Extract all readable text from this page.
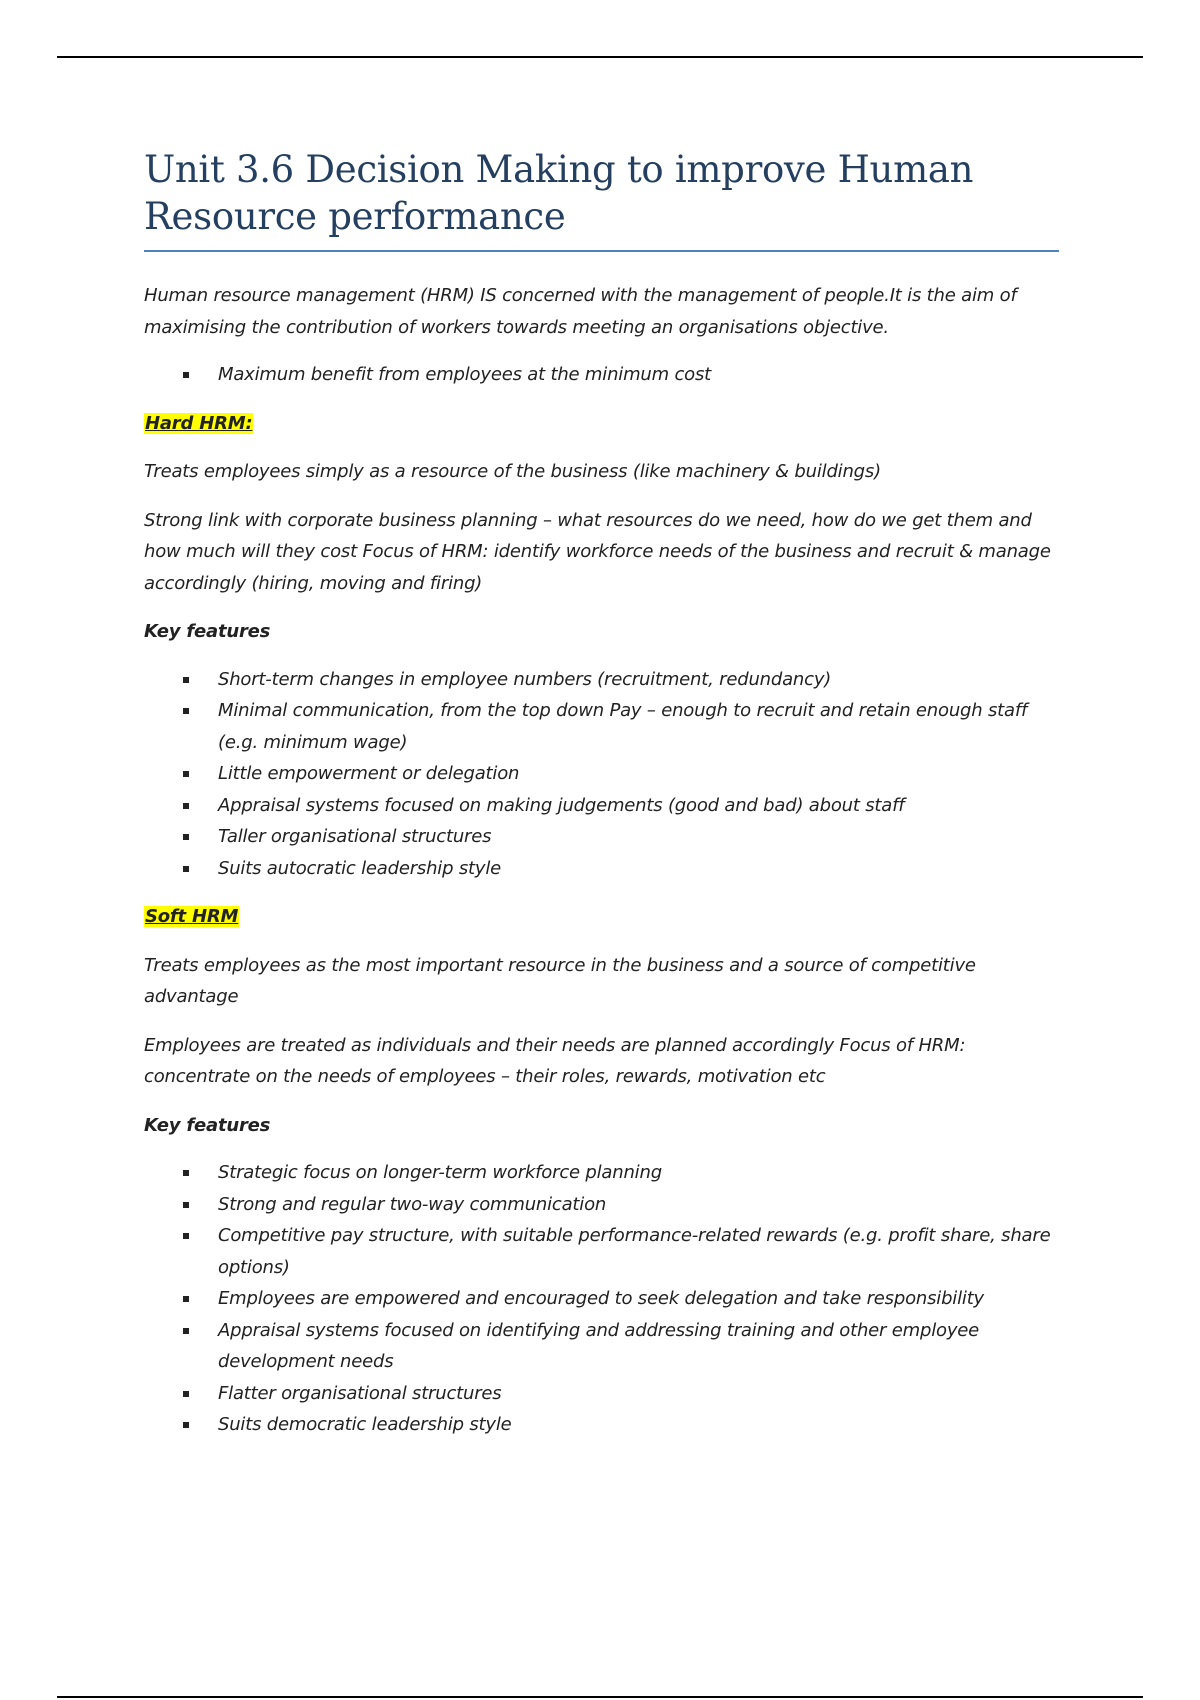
Unit 3.6 Decision Making to improve Human Resource performance

Human resource management (HRM) IS concerned with the management of people.It is the aim of maximising the contribution of workers towards meeting an organisations objective.

Maximum benefit from employees at the minimum cost

Hard HRM:

Treats employees simply as a resource of the business (like machinery & buildings)

Strong link with corporate business planning – what resources do we need, how do we get them and how much will they cost Focus of HRM: identify workforce needs of the business and recruit & manage accordingly (hiring, moving and firing)

Key features

Short-term changes in employee numbers (recruitment, redundancy)
Minimal communication, from the top down Pay – enough to recruit and retain enough staff (e.g. minimum wage)
Little empowerment or delegation
Appraisal systems focused on making judgements (good and bad) about staff
Taller organisational structures
Suits autocratic leadership style

Soft HRM

Treats employees as the most important resource in the business and a source of competitive advantage

Employees are treated as individuals and their needs are planned accordingly Focus of HRM: concentrate on the needs of employees – their roles, rewards, motivation etc

Key features

Strategic focus on longer-term workforce planning
Strong and regular two-way communication
Competitive pay structure, with suitable performance-related rewards (e.g. profit share, share options)
Employees are empowered and encouraged to seek delegation and take responsibility
Appraisal systems focused on identifying and addressing training and other employee development needs
Flatter organisational structures
Suits democratic leadership style
